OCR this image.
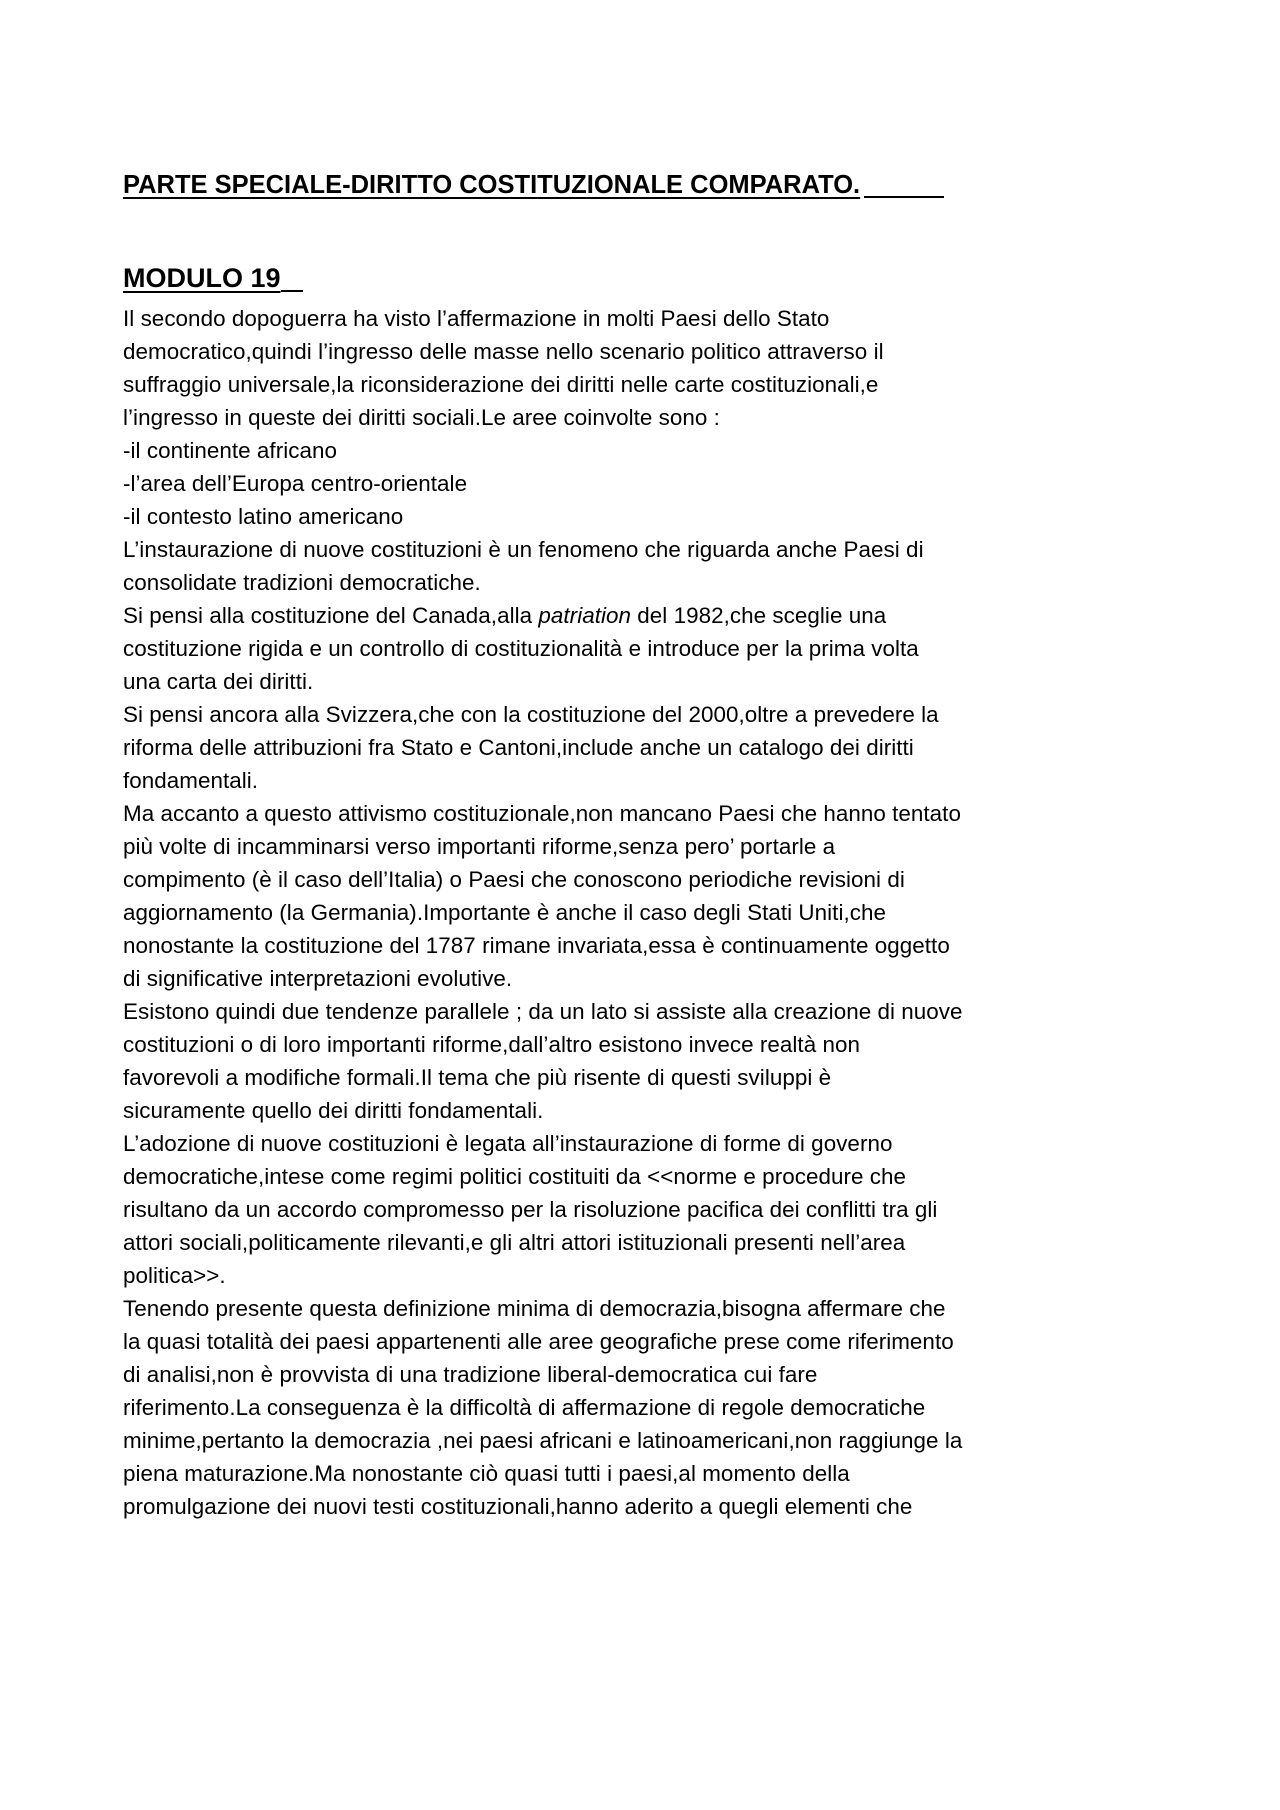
PARTE SPECIALE-DIRITTO COSTITUZIONALE COMPARATO.
MODULO 19
Il secondo dopoguerra ha visto l’affermazione in molti Paesi dello Stato
democratico,quindi l’ingresso delle masse nello scenario politico attraverso il
suffraggio universale,la riconsiderazione dei diritti nelle carte costituzionali,e
l’ingresso in queste dei diritti sociali.Le aree coinvolte sono :
-il continente africano
-l’area dell’Europa centro-orientale
-il contesto latino americano
L’instaurazione di nuove costituzioni è un fenomeno che riguarda anche Paesi di
consolidate tradizioni democratiche.
Si pensi alla costituzione del Canada,alla patriation del 1982,che sceglie una
costituzione rigida e un controllo di costituzionalità e introduce per la prima volta
una carta dei diritti.
Si pensi ancora alla Svizzera,che con la costituzione del 2000,oltre a prevedere la
riforma delle attribuzioni fra Stato e Cantoni,include anche un catalogo dei diritti
fondamentali.
Ma accanto a questo attivismo costituzionale,non mancano Paesi che hanno tentato
più volte di incamminarsi verso importanti riforme,senza pero’ portarle a
compimento (è il caso dell’Italia) o Paesi che conoscono periodiche revisioni di
aggiornamento (la Germania).Importante è anche il caso degli Stati Uniti,che
nonostante la costituzione del 1787 rimane invariata,essa è continuamente oggetto
di significative interpretazioni evolutive.
Esistono quindi due tendenze parallele ; da un lato si assiste alla creazione di nuove
costituzioni o di loro importanti riforme,dall’altro esistono invece realtà non
favorevoli a modifiche formali.Il tema che più risente di questi sviluppi è
sicuramente quello dei diritti fondamentali.
L’adozione di nuove costituzioni è legata all’instaurazione di forme di governo
democratiche,intese come regimi politici costituiti da <<norme e procedure che
risultano da un accordo compromesso per la risoluzione pacifica dei conflitti tra gli
attori sociali,politicamente rilevanti,e gli altri attori istituzionali presenti nell’area
politica>>.
Tenendo presente questa definizione minima di democrazia,bisogna affermare che
la quasi totalità dei paesi appartenenti alle aree geografiche prese come riferimento
di analisi,non è provvista di una tradizione liberal-democratica cui fare
riferimento.La conseguenza è la difficoltà di affermazione di regole democratiche
minime,pertanto la democrazia ,nei paesi africani e latinoamericani,non raggiunge la
piena maturazione.Ma nonostante ciò quasi tutti i paesi,al momento della
promulgazione dei nuovi testi costituzionali,hanno aderito a quegli elementi che
